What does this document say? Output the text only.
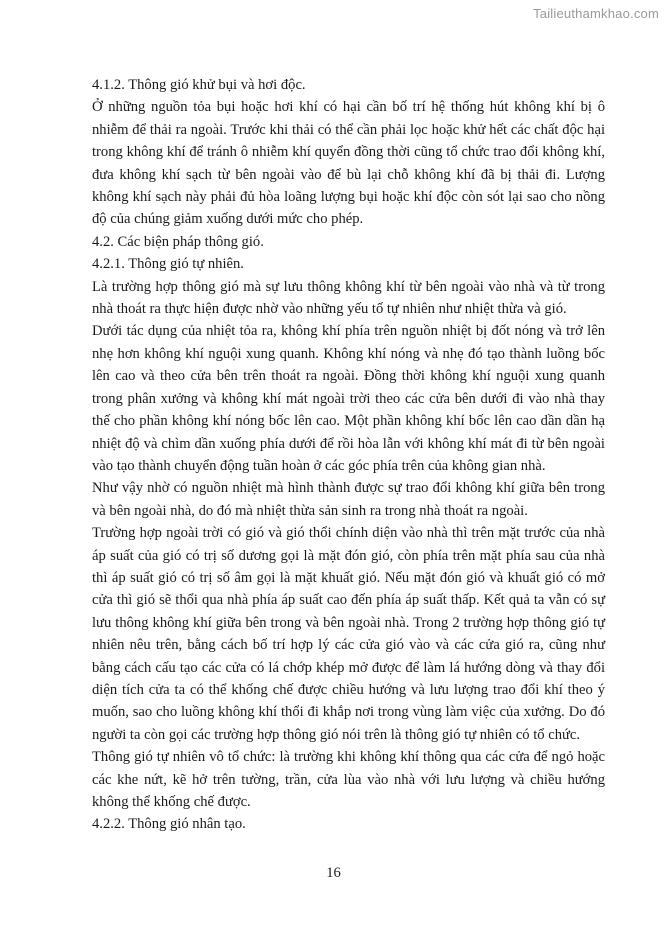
Tailieuthamkhao.com

4.1.2. Thông gió khử bụi và hơi độc.

Ở những nguồn tỏa bụi hoặc hơi khí có hại cần bố trí hệ thống hút không khí bị ô nhiễm để thải ra ngoài. Trước khi thải có thể cần phải lọc hoặc khử hết các chất độc hại trong không khí để tránh ô nhiễm khí quyển đồng thời cũng tổ chức trao đổi không khí, đưa không khí sạch từ bên ngoài vào để bù lại chỗ không khí đã bị thải đi. Lượng không khí sạch này phải đủ hòa loãng lượng bụi hoặc khí độc còn sót lại sao cho nồng độ của chúng giảm xuống dưới mức cho phép.

4.2. Các biện pháp thông gió.

4.2.1. Thông gió tự nhiên.

Là trường hợp thông gió mà sự lưu thông không khí từ bên ngoài vào nhà và từ trong nhà thoát ra thực hiện được nhờ vào những yếu tố tự nhiên như nhiệt thừa và gió.

Dưới tác dụng của nhiệt tỏa ra, không khí phía trên nguồn nhiệt bị đốt nóng và trở lên nhẹ hơn không khí nguội xung quanh. Không khí nóng và nhẹ đó tạo thành luồng bốc lên cao và theo cửa bên trên thoát ra ngoài. Đồng thời không khí nguội xung quanh trong phân xưởng và không khí mát ngoài trời theo các cửa bên dưới đi vào nhà thay thế cho phần không khí nóng bốc lên cao. Một phần không khí bốc lên cao dần dần hạ nhiệt độ và chìm dần xuống phía dưới để rồi hòa lẫn với không khí mát đi từ bên ngoài vào tạo thành chuyển động tuần hoàn ở các góc phía trên của không gian nhà.

Như vậy nhờ có nguồn nhiệt mà hình thành được sự trao đổi không khí giữa bên trong và bên ngoài nhà, do đó mà nhiệt thừa sản sinh ra trong nhà thoát ra ngoài.

Trường hợp ngoài trời có gió và gió thổi chính diện vào nhà thì trên mặt trước của nhà áp suất của gió có trị số dương gọi là mặt đón gió, còn phía trên mặt phía sau của nhà thì áp suất gió có trị số âm gọi là mặt khuất gió. Nếu mặt đón gió và khuất gió có mở cửa thì gió sẽ thổi qua nhà phía áp suất cao đến phía áp suất thấp. Kết quả ta vẫn có sự lưu thông không khí giữa bên trong và bên ngoài nhà. Trong 2 trường hợp thông gió tự nhiên nêu trên, bằng cách bố trí hợp lý các cửa gió vào và các cửa gió ra, cũng như bằng cách cấu tạo các cửa có lá chớp khép mở được để làm lá hướng dòng và thay đổi diện tích cửa ta có thể khống chế được chiều hướng và lưu lượng trao đổi khí theo ý muốn, sao cho luồng không khí thổi đi khắp nơi trong vùng làm việc của xưởng. Do đó người ta còn gọi các trường hợp thông gió nói trên là thông gió tự nhiên có tổ chức.

Thông gió tự nhiên vô tổ chức: là trường khi không khí thông qua các cửa để ngỏ hoặc các khe nứt, kẽ hở trên tường, trần, cửa lùa vào nhà với lưu lượng và chiều hướng không thể khống chế được.

4.2.2. Thông gió nhân tạo.

16
